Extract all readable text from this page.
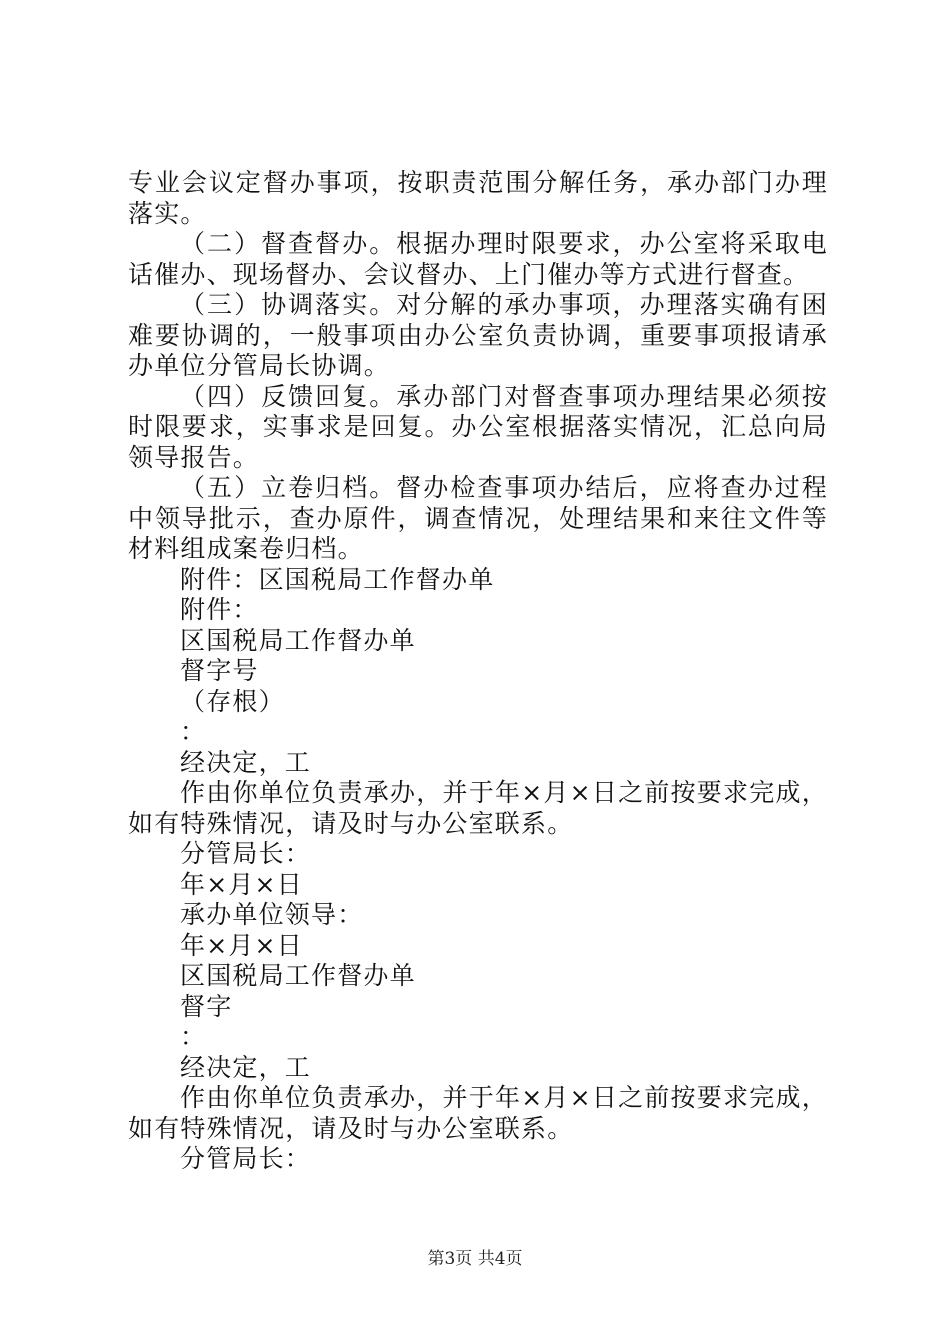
专业会议定督办事项，按职责范围分解任务，承办部门办理落实。

（二）督查督办。根据办理时限要求，办公室将采取电话催办、现场督办、会议督办、上门催办等方式进行督查。

（三）协调落实。对分解的承办事项，办理落实确有困难要协调的，一般事项由办公室负责协调，重要事项报请承办单位分管局长协调。

（四）反馈回复。承办部门对督查事项办理结果必须按时限要求，实事求是回复。办公室根据落实情况，汇总向局领导报告。

（五）立卷归档。督办检查事项办结后，应将查办过程中领导批示，查办原件，调查情况，处理结果和来往文件等材料组成案卷归档。

附件：区国税局工作督办单

附件：

区国税局工作督办单

督字号

（存根）

：

经决定，工

作由你单位负责承办，并于年×月×日之前按要求完成，如有特殊情况，请及时与办公室联系。

分管局长：

年×月×日

承办单位领导：

年×月×日

区国税局工作督办单

督字

：

经决定，工

作由你单位负责承办，并于年×月×日之前按要求完成，如有特殊情况，请及时与办公室联系。

分管局长：

第3页 共4页
